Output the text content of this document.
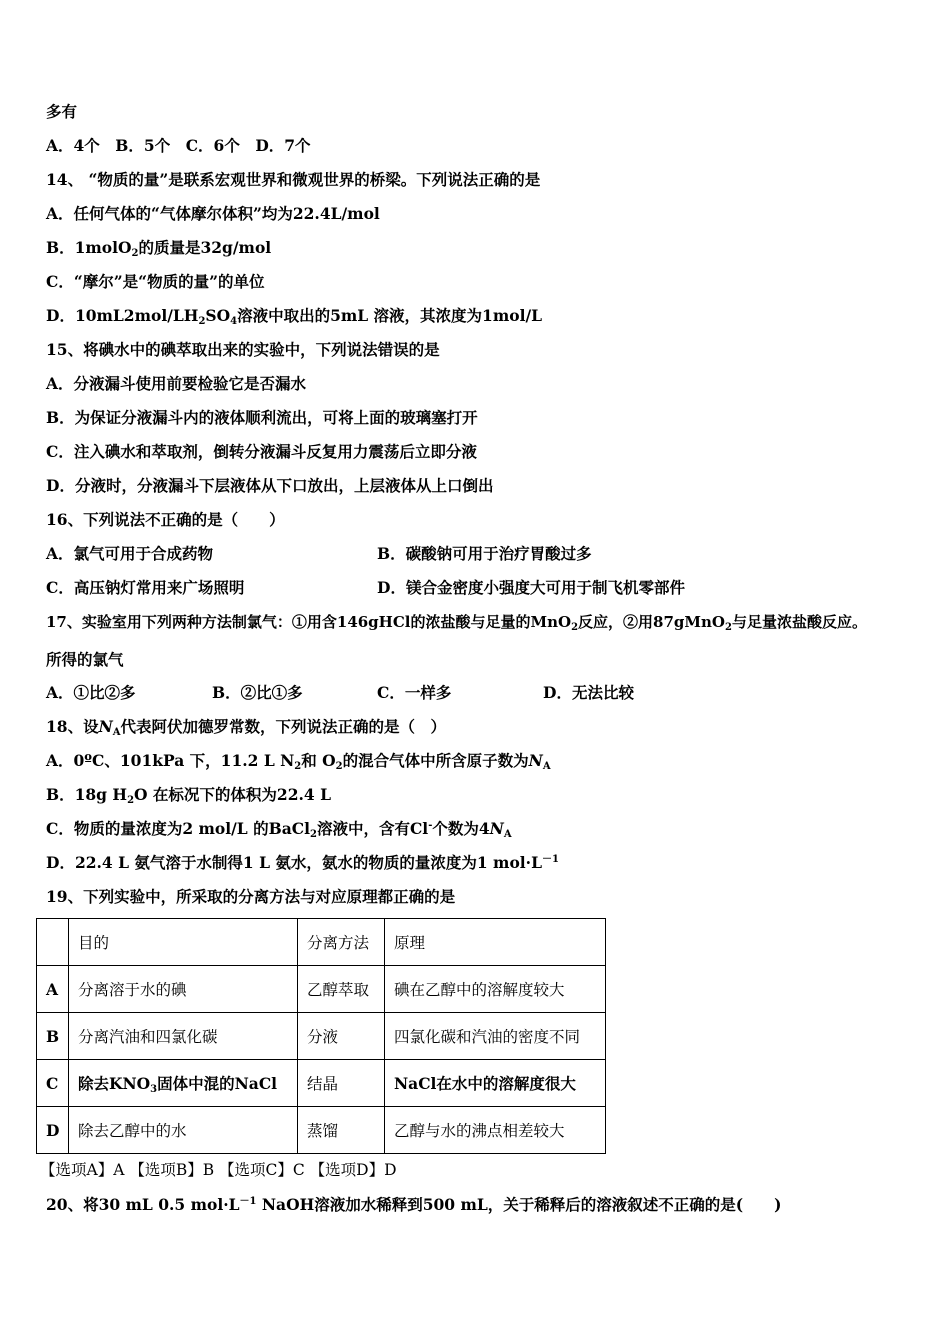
多有
A．4个　B．5个　C．6个　D．7个
14、 “物质的量”是联系宏观世界和微观世界的桥梁。下列说法正确的是
A．任何气体的“气体摩尔体积”均为22.4L/mol
B．1molO$_2$的质量是32g/mol
C．“摩尔”是“物质的量”的单位
D．$10mL2mol/LH_2SO_4$溶液中取出的5mL 溶液，其浓度为1mol/L
15、将碘水中的碘萃取出来的实验中，下列说法错误的是
A．分液漏斗使用前要检验它是否漏水
B．为保证分液漏斗内的液体顺利流出，可将上面的玻璃塞打开
C．注入碘水和萃取剂，倒转分液漏斗反复用力震荡后立即分液
D．分液时，分液漏斗下层液体从下口放出，上层液体从上口倒出
16、下列说法不正确的是（　　）
A．氯气可用于合成药物	B．碳酸钠可用于治疗胃酸过多
C．高压钠灯常用来广场照明	D．镁合金密度小强度大可用于制飞机零部件
17、实验室用下列两种方法制氯气：①用含146gHCl的浓盐酸与足量的MnO$_2$反应，②用87gMnO$_2$与足量浓盐酸反应。
所得的氯气
A．①比②多	B．②比①多	C．一样多	D．无法比较
18、设$N_A$代表阿伏加德罗常数，下列说法正确的是（　）
A．0ºC、101kPa 下，11.2 L $N_2$和 $O_2$的混合气体中所含原子数为$N_A$
B．18g $H_2O$ 在标况下的体积为22.4 L
C．物质的量浓度为2 mol/L 的BaCl$_2$溶液中，含有Cl-个数为$4N_A$
D．22.4 L 氨气溶于水制得1 L 氨水，氨水的物质的量浓度为1 $mol\cdot L^{-1}$
19、下列实验中，所采取的分离方法与对应原理都正确的是
	目的	分离方法	原理
A	分离溶于水的碘	乙醇萃取	碘在乙醇中的溶解度较大
B	分离汽油和四氯化碳	分液	四氯化碳和汽油的密度不同
C	除去$KNO_3$固体中混的NaCl	结晶	NaCl在水中的溶解度很大
D	除去乙醇中的水	蒸馏	乙醇与水的沸点相差较大
【选项A】A 【选项B】B 【选项C】C 【选项D】D
20、将30 mL 0.5 $mol\cdot L^{-1}$ NaOH溶液加水稀释到500 mL，关于稀释后的溶液叙述不正确的是(　　)
